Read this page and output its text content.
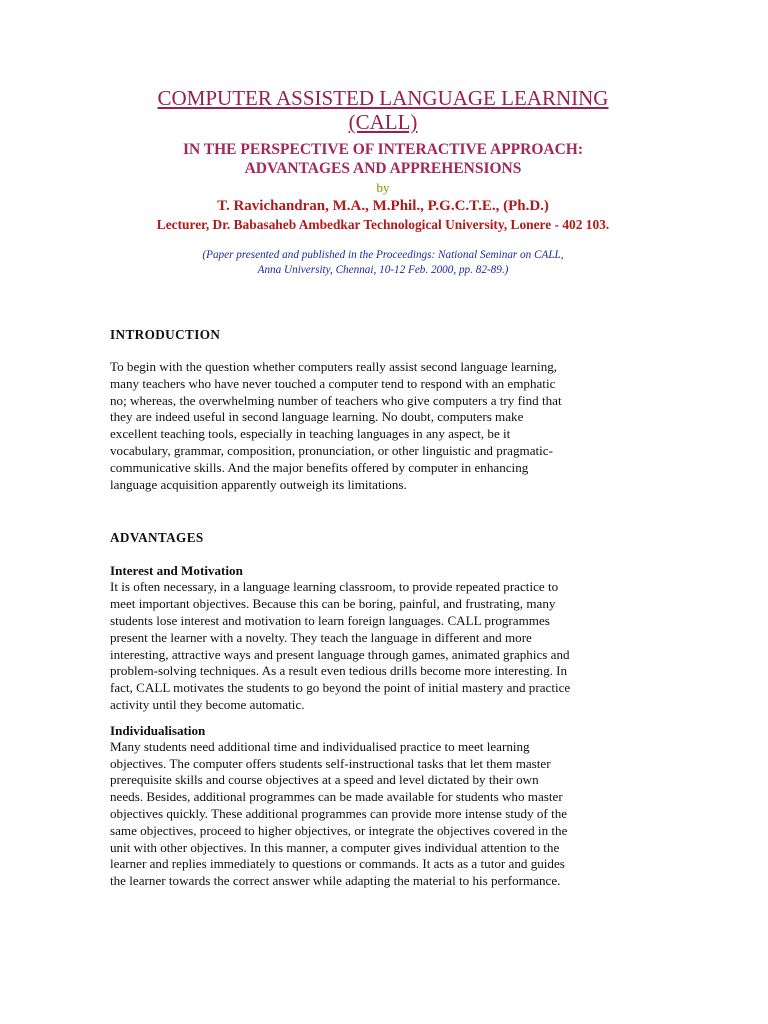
COMPUTER ASSISTED LANGUAGE LEARNING
(CALL)
IN THE PERSPECTIVE OF INTERACTIVE APPROACH:
ADVANTAGES AND APPREHENSIONS
by
T. Ravichandran, M.A., M.Phil., P.G.C.T.E., (Ph.D.)
Lecturer, Dr. Babasaheb Ambedkar Technological University, Lonere - 402 103.
(Paper presented and published in the Proceedings: National Seminar on CALL,
Anna University, Chennai, 10-12 Feb. 2000, pp. 82-89.)
INTRODUCTION
To begin with the question whether computers really assist second language learning,
many teachers who have never touched a computer tend to respond with an emphatic
no; whereas, the overwhelming number of teachers who give computers a try find that
they are indeed useful in second language learning. No doubt, computers make
excellent teaching tools, especially in teaching languages in any aspect, be it
vocabulary, grammar, composition, pronunciation, or other linguistic and pragmatic-
communicative skills. And the major benefits offered by computer in enhancing
language acquisition apparently outweigh its limitations.
ADVANTAGES
Interest and Motivation
It is often necessary, in a language learning classroom, to provide repeated practice to
meet important objectives. Because this can be boring, painful, and frustrating, many
students lose interest and motivation to learn foreign languages. CALL programmes
present the learner with a novelty. They teach the language in different and more
interesting, attractive ways and present language through games, animated graphics and
problem-solving techniques. As a result even tedious drills become more interesting. In
fact, CALL motivates the students to go beyond the point of initial mastery and practice
activity until they become automatic.
Individualisation
Many students need additional time and individualised practice to meet learning
objectives. The computer offers students self-instructional tasks that let them master
prerequisite skills and course objectives at a speed and level dictated by their own
needs. Besides, additional programmes can be made available for students who master
objectives quickly. These additional programmes can provide more intense study of the
same objectives, proceed to higher objectives, or integrate the objectives covered in the
unit with other objectives. In this manner, a computer gives individual attention to the
learner and replies immediately to questions or commands. It acts as a tutor and guides
the learner towards the correct answer while adapting the material to his performance.
